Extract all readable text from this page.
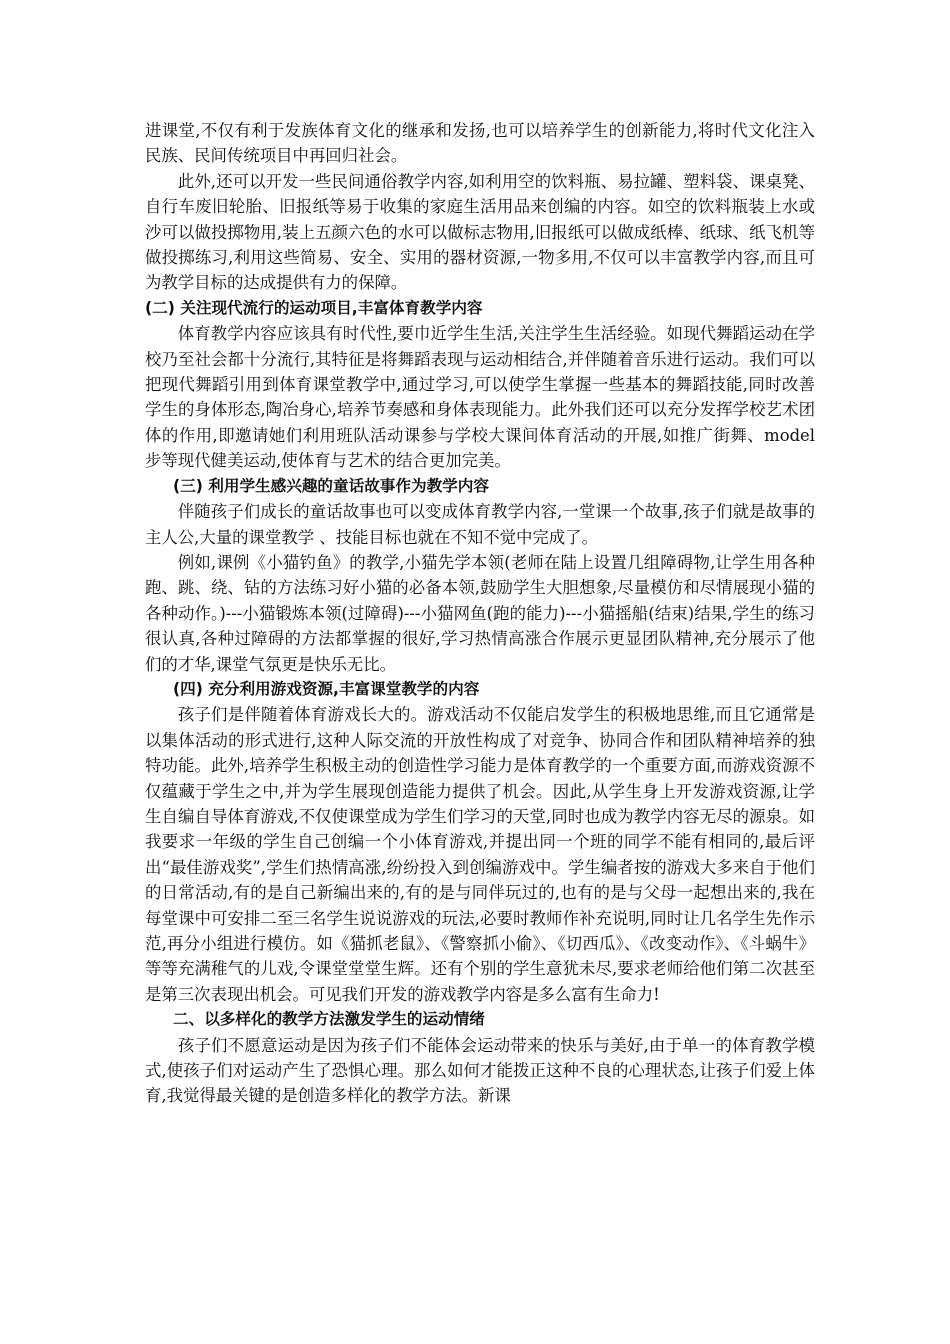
进课堂,不仅有利于发族体育文化的继承和发扬,也可以培养学生的创新能力,将时代文化注入民族、民间传统项目中再回归社会。

此外,还可以开发一些民间通俗教学内容,如利用空的饮料瓶、易拉罐、塑料袋、课桌凳、自行车废旧轮胎、旧报纸等易于收集的家庭生活用品来创编的内容。如空的饮料瓶装上水或沙可以做投掷物用,装上五颜六色的水可以做标志物用,旧报纸可以做成纸棒、纸球、纸飞机等做投掷练习,利用这些简易、安全、实用的器材资源,一物多用,不仅可以丰富教学内容,而且可为教学目标的达成提供有力的保障。

(二) 关注现代流行的运动项目,丰富体育教学内容

体育教学内容应该具有时代性,要巾近学生生活,关注学生生活经验。如现代舞蹈运动在学校乃至社会都十分流行,其特征是将舞蹈表现与运动相结合,并伴随着音乐进行运动。我们可以把现代舞蹈引用到体育课堂教学中,通过学习,可以使学生掌握一些基本的舞蹈技能,同时改善学生的身体形态,陶冶身心,培养节奏感和身体表现能力。此外我们还可以充分发挥学校艺术团体的作用,即邀请她们利用班队活动课参与学校大课间体育活动的开展,如推广街舞、model 步等现代健美运动,使体育与艺术的结合更加完美。

(三) 利用学生感兴趣的童话故事作为教学内容

伴随孩子们成长的童话故事也可以变成体育教学内容,一堂课一个故事,孩子们就是故事的主人公,大量的课堂教学 、技能目标也就在不知不觉中完成了。

例如,课例《小猫钓鱼》的教学,小猫先学本领(老师在陆上设置几组障碍物,让学生用各种跑、跳、绕、钻的方法练习好小猫的必备本领,鼓励学生大胆想象,尽量模仿和尽情展现小猫的各种动作。)---小猫锻炼本领(过障碍)---小猫网鱼(跑的能力)---小猫摇船(结束)结果,学生的练习很认真,各种过障碍的方法都掌握的很好,学习热情高涨合作展示更显团队精神,充分展示了他们的才华,课堂气氛更是快乐无比。

(四) 充分利用游戏资源,丰富课堂教学的内容

孩子们是伴随着体育游戏长大的。游戏活动不仅能启发学生的积极地思维,而且它通常是以集体活动的形式进行,这种人际交流的开放性构成了对竞争、协同合作和团队精神培养的独特功能。此外,培养学生积极主动的创造性学习能力是体育教学的一个重要方面,而游戏资源不仅蕴藏于学生之中,并为学生展现创造能力提供了机会。因此,从学生身上开发游戏资源,让学生自编自导体育游戏,不仅使课堂成为学生们学习的天堂,同时也成为教学内容无尽的源泉。如我要求一年级的学生自己创编一个小体育游戏,并提出同一个班的同学不能有相同的,最后评出“最佳游戏奖”,学生们热情高涨,纷纷投入到创编游戏中。学生编者按的游戏大多来自于他们的日常活动,有的是自己新编出来的,有的是与同伴玩过的,也有的是与父母一起想出来的,我在每堂课中可安排二至三名学生说说游戏的玩法,必要时教师作补充说明,同时让几名学生先作示范,再分小组进行模仿。如《猫抓老鼠》、《警察抓小偷》、《切西瓜》、《改变动作》、《斗蜗牛》等等充满稚气的儿戏,令课堂堂堂生辉。还有个别的学生意犹未尽,要求老师给他们第二次甚至是第三次表现出机会。可见我们开发的游戏教学内容是多么富有生命力!

二、以多样化的教学方法激发学生的运动情绪

孩子们不愿意运动是因为孩子们不能体会运动带来的快乐与美好,由于单一的体育教学模式,使孩子们对运动产生了恐惧心理。那么如何才能拨正这种不良的心理状态,让孩子们爱上体育,我觉得最关键的是创造多样化的教学方法。新课
